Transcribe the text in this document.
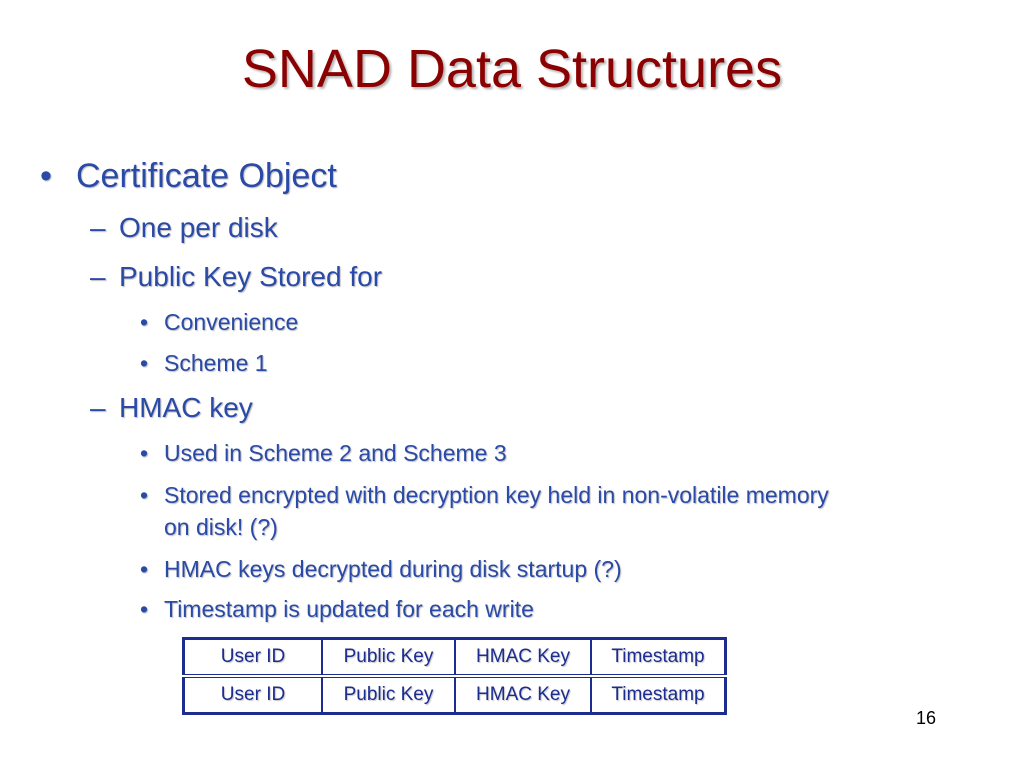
SNAD Data Structures
• Certificate Object
– One per disk
– Public Key Stored for
• Convenience
• Scheme 1
– HMAC key
• Used in Scheme 2 and Scheme 3
• Stored encrypted with decryption key held in non-volatile memory
on disk! (?)
• HMAC keys decrypted during disk startup (?)
• Timestamp is updated for each write
User ID	Public Key	HMAC Key	Timestamp
User ID	Public Key	HMAC Key	Timestamp
16
